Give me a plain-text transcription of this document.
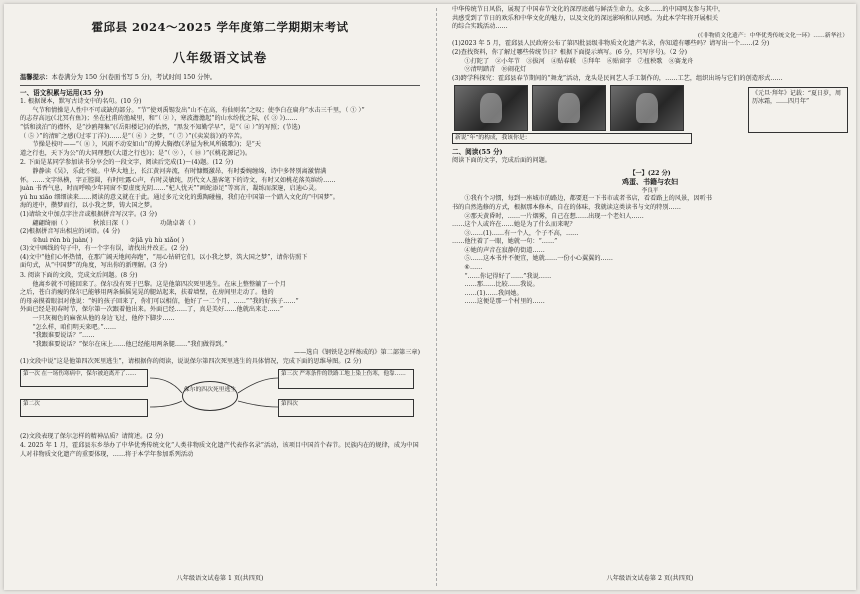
霍邱县 2024～2025 学年度第二学期期末考试
八年级语文试卷
温馨提示：本卷满分为 150 分(卷面书写 5 分)，考试时间 150 分钟。
一、语文积累与运用(35 分)

1. 根据课本，默写古诗文中的名句。(10 分)

气节和情操是人性中不可或缺的部分。“节”使刘禹锡发出“山不在高，有仙则名”之叹；使李白在扁舟“水击三千里，（ ① ）”

的志存高远(《北冥有鱼》)；坐在杜甫的渔城里，和“（ ② ），寒波澹澹起”的山水纷扰之际，(《 ③ 》)……

“恬和淡泊”的襟怀，是“沙鸥翔集”(《岳阳楼记》)的怡然，“黑发不知勤学早”，是“（ ④ ）”的写照；(节选)

（ ⑤ ）”的清旷之感(《过零丁洋》)……是“（ ⑥ ）之梦，“（ ⑦ ）”(《卖炭翁》)的辛苦。

节操是枝叶——“（ ⑧ ），风雨不动安如山”的博大胸襟(《茅屋为秋风所破歌》)；是“天

道之行也，天下为公”的大同理想(《大道之行也》)；是“（ ⑨ ），（ ⑩ ）”(《桃花源记》)。

2. 下面是某同学参加读书分享会的一段文字，阅读后完成(1)～(4)题。(12 分)

静静读《吴》，乐此不疲。中华大地上，长江黄河奔流，有时慷慨激昂，有时委婉缠绵，诗中多替别离激情满

怀。……文字纵横，字正腔圆，有时吐露心声，有时灵敏纯，历代文人墨客笔下的诗文，有时又如桃花落英缤纷……

juàn 书香气息，时而呼唤少年同窗不要虚度光阴……“杞人忧天”“画蛇添足”等寓言，凝练而深邃，启迪心灵。

yú hu xiāo 细细读来……阅读的意义就在于此。通过多元文化的熏陶碰撞，我们在中国第一个踏入文化的“中国梦”。

海的迹中，攒梦而行，以小我之梦，铸大国之梦。

(1)请给文中加点字注音或根据拼音写汉字。(3 分)

翩翩绮丽（ ）　　　　秋浓日深（ ）　　　　　功勋卓著（ ）

(2)根据拼音写出相应的词语。(4 分)

①huì rén bù juàn( )　　　　　　②jiā yù hù xiǎo( )

(3)文中画线的句子中，有一个字有误，请找出并改正。(2 分)

(4)文中“他们心怀热情，在那广阔天地间奔跑”，“用心钻研它们，以小我之梦，筑大国之梦”，请你仿照下

面句式，从“中国梦”的角度，写出你的新理解。(3 分)

3. 阅读下面的文段，完成文后问题。(8 分)

他离乡就不可能回来了。保尔没有死于巴黎。这是他第四次死里逃生。在床上整整躺了一个月

之后，苍白消瘦的保尔已能够用两条摇摇晃晃的腿站起来，扶着墙壁，在房间里走动了。他的

的母亲摸着眼泪对他说：“妈的孩子回来了，你们可以相信，他好了一二个月，……”“我的好孩子……”

外面已经是初春时节，保尔第一次跟着他出来。外面已经……了，真是美好……他就出来走……”

一只灰褐色的麻雀从他的身边飞过，他停下脚步……

“怎么样，咱们明天来吧。”……

“我跟谁要说话？”……

“我跟谁要说话？”保尔在床上……他已经能用两条腿……“我们做得到。”

——选自《钢铁是怎样炼成的》第二部第三章)

(1)文段中说“这是他第四次死里逃生”，请根据你的阅读，说说保尔第四次死里逃生的具体情况，完成下面的思维导图。(2 分)

第一次 在一场伤寒病中，保尔被迫离开了……
第二次
保尔的四次死里逃生
第三次 严寒条件的铁路工地上染上伤寒，他靠……
第四次

(2)文段表现了保尔怎样的精神品质？请简述。(2 分)

4. 2025 年 1 月，霍邱县东乡举办了中华优秀传统文化“人类非物质文化遗产代表作名录”活动，该项目中国首个春节。民族内在的规律，成为中国人对非物质文化遗产的重要体现，……将于本学年参加系列活动

八年级语文试卷第 1 页(共四页)

中华传统节日风俗，展现了中国春节文化的深厚底蕴与鲜活生命力。众多……的中国网友参与其中，

共感受到了节日的欢乐和中华文化的魅力，以及文化的深远影响和认同感。为此本学年将开展相关

的综合实践活动……

(《非物质文化遗产：中华优秀传统文化一环》……新华社）

(1)2023 年 5 月，霍邱县人民政府公布了第四批县级非物质文化遗产名录，你知道有哪些吗？请写出一个……(2 分)

(2)查找资料，你了解过哪些传统节日？根据下面提示填写。(6 分，只写序号)。（2 分)

①打陀了　②小年节　③拔河　④贴春联　⑤拜年　⑥贴窗字　⑦扭秧歌　⑧赛龙舟

⑨清明踏青　⑩闹花灯

(3)跨学科探究：霍邱县春节期间的“舞龙”活动，龙头是民间艺人手工制作的，……工艺，组织出场与它们的创造形式……

《元旦·拜年》记载：“夏日岁，周历冰霜，……四月年”
新说“年”的构成，我该你是：
二、阅读(55 分)

阅读下面的文字，完成后面的问题。

【一】(22 分)

鸡蛋、书籍与农妇

李良平

①我有个习惯，每到一座城市的路边，都要逛一下书市或者书店，看看路上的风景，因听书

书的自然选修的方式，根据那本修本，自在的体味，我就读这类读书与文的特别……

②那天黄昏时，……一片烟雾，自己在想……出现一个老妇人……

……这个人或许在……她是为了什么而来呢？

③……(1)……有一个人，个子不高，……

……他往着了一眼，她就一句：“……”

④她的声音在寂静的街道……

⑤……这本书并不便宜，她就……一份小心翼翼的……

⑥……

“……你记得好了……”我说……

……那……比较……我说。

……(1)……我问她。

……这便是那一个村里的……

八年级语文试卷第 2 页(共四页)
